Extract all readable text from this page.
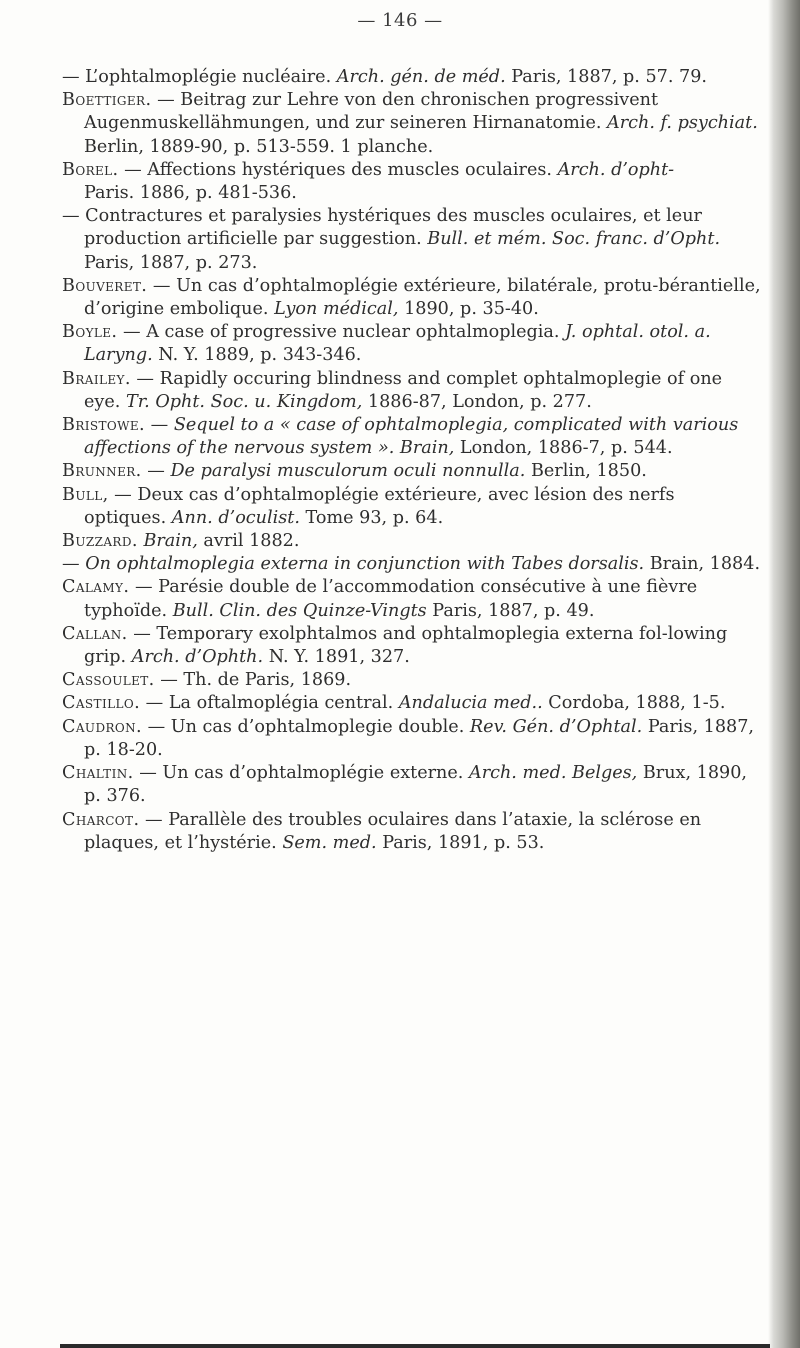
— 146 —

— L’ophtalmoplégie nucléaire. Arch. gén. de méd. Paris, 1887, p. 57. 79.

Boettiger. — Beitrag zur Lehre von den chronischen progressivent Augenmuskellähmungen, und zur seineren Hirnanatomie. Arch. f. psychiat. Berlin, 1889-90, p. 513-559. 1 planche.

Borel. — Affections hystériques des muscles oculaires. Arch. d’opht-
Paris. 1886, p. 481-536.

— Contractures et paralysies hystériques des muscles oculaires, et leur production artificielle par suggestion. Bull. et mém. Soc. franc. d’Opht. Paris, 1887, p. 273.

Bouveret. — Un cas d’ophtalmoplégie extérieure, bilatérale, protu-bérantielle, d’origine embolique. Lyon médical, 1890, p. 35-40.

Boyle. — A case of progressive nuclear ophtalmoplegia. J. ophtal. otol. a. Laryng. N. Y. 1889, p. 343-346.

Brailey. — Rapidly occuring blindness and complet ophtalmoplegie of one eye. Tr. Opht. Soc. u. Kingdom, 1886-87, London, p. 277.

Bristowe. — Sequel to a « case of ophtalmoplegia, complicated with various affections of the nervous system ». Brain, London, 1886-7, p. 544.

Brunner. — De paralysi musculorum oculi nonnulla. Berlin, 1850.

Bull, — Deux cas d’ophtalmoplégie extérieure, avec lésion des nerfs optiques. Ann. d’oculist. Tome 93, p. 64.

Buzzard. Brain, avril 1882.

— On ophtalmoplegia externa in conjunction with Tabes dorsalis. Brain, 1884.

Calamy. — Parésie double de l’accommodation consécutive à une fièvre typhoïde. Bull. Clin. des Quinze-Vingts Paris, 1887, p. 49.

Callan. — Temporary exolphtalmos and ophtalmoplegia externa fol-lowing grip. Arch. d’Ophth. N. Y. 1891, 327.

Cassoulet. — Th. de Paris, 1869.

Castillo. — La oftalmoplégia central. Andalucia med.. Cordoba, 1888, 1-5.

Caudron. — Un cas d’ophtalmoplegie double. Rev. Gén. d’Ophtal. Paris, 1887, p. 18-20.

Chaltin. — Un cas d’ophtalmoplégie externe. Arch. med. Belges, Brux, 1890, p. 376.

Charcot. — Parallèle des troubles oculaires dans l’ataxie, la sclérose en plaques, et l’hystérie. Sem. med. Paris, 1891, p. 53.
